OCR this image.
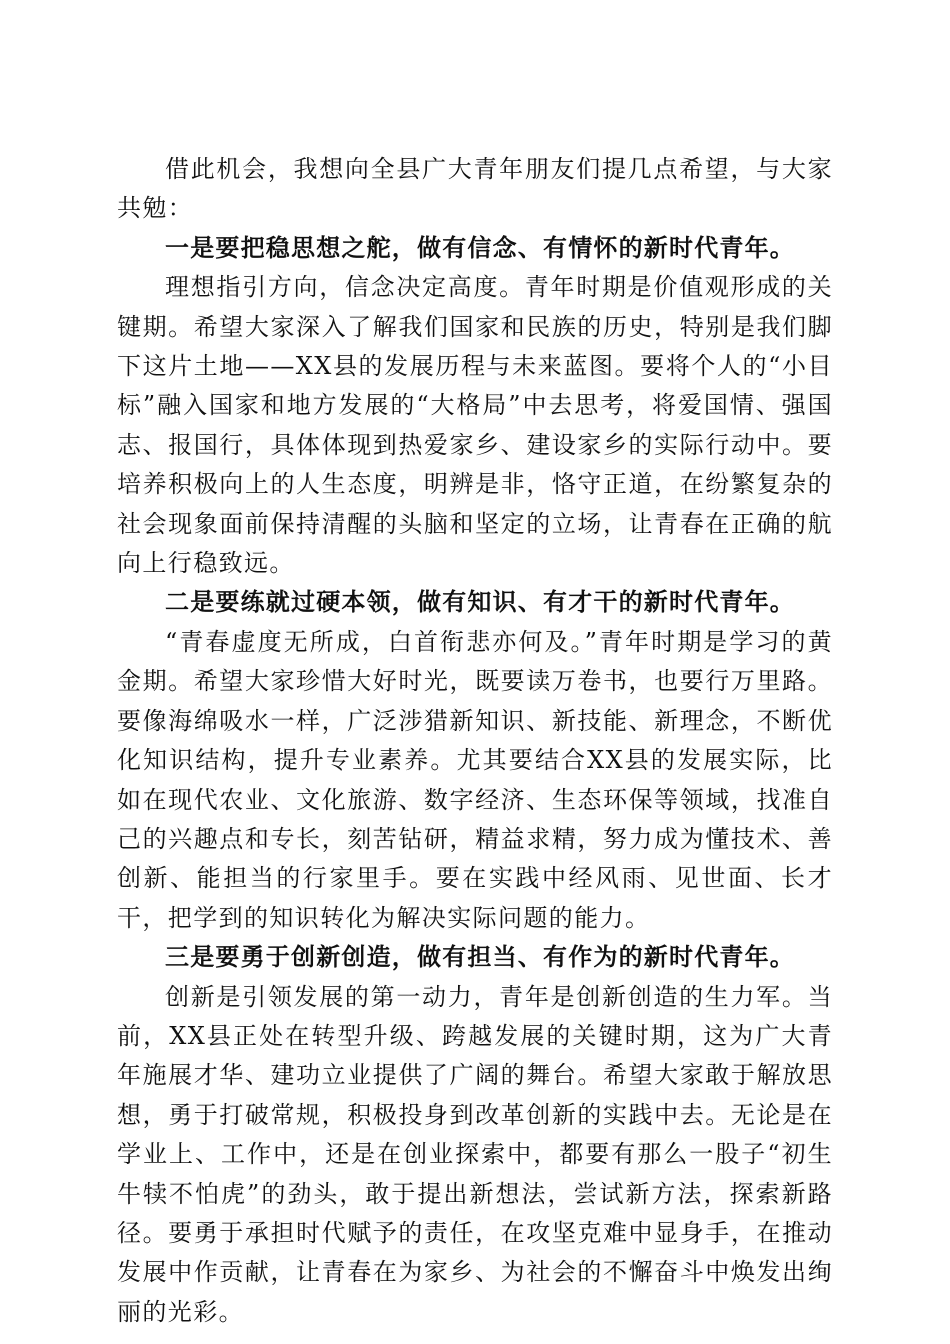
借此机会，我想向全县广大青年朋友们提几点希望，与大家共勉：

一是要把稳思想之舵，做有信念、有情怀的新时代青年。

理想指引方向，信念决定高度。青年时期是价值观形成的关键期。希望大家深入了解我们国家和民族的历史，特别是我们脚下这片土地——XX县的发展历程与未来蓝图。要将个人的“小目标”融入国家和地方发展的“大格局”中去思考，将爱国情、强国志、报国行，具体体现到热爱家乡、建设家乡的实际行动中。要培养积极向上的人生态度，明辨是非，恪守正道，在纷繁复杂的社会现象面前保持清醒的头脑和坚定的立场，让青春在正确的航向上行稳致远。

二是要练就过硬本领，做有知识、有才干的新时代青年。

“青春虚度无所成，白首衔悲亦何及。”青年时期是学习的黄金期。希望大家珍惜大好时光，既要读万卷书，也要行万里路。要像海绵吸水一样，广泛涉猎新知识、新技能、新理念，不断优化知识结构，提升专业素养。尤其要结合XX县的发展实际，比如在现代农业、文化旅游、数字经济、生态环保等领域，找准自己的兴趣点和专长，刻苦钻研，精益求精，努力成为懂技术、善创新、能担当的行家里手。要在实践中经风雨、见世面、长才干，把学到的知识转化为解决实际问题的能力。

三是要勇于创新创造，做有担当、有作为的新时代青年。

创新是引领发展的第一动力，青年是创新创造的生力军。当前，XX县正处在转型升级、跨越发展的关键时期，这为广大青年施展才华、建功立业提供了广阔的舞台。希望大家敢于解放思想，勇于打破常规，积极投身到改革创新的实践中去。无论是在学业上、工作中，还是在创业探索中，都要有那么一股子“初生牛犊不怕虎”的劲头，敢于提出新想法，尝试新方法，探索新路径。要勇于承担时代赋予的责任，在攻坚克难中显身手，在推动发展中作贡献，让青春在为家乡、为社会的不懈奋斗中焕发出绚丽的光彩。
